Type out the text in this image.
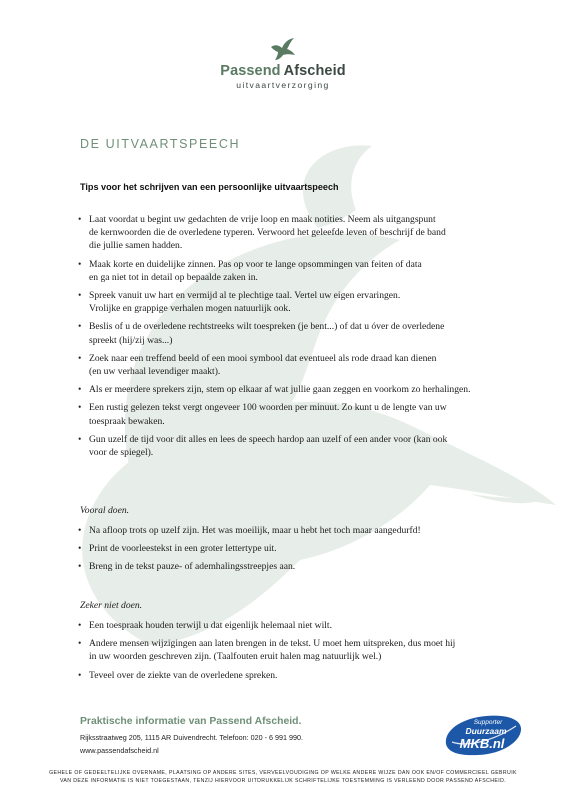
Passend Afscheid
uitvaartverzorging
DE UITVAARTSPEECH
Tips voor het schrijven van een persoonlijke uitvaartspeech
• Laat voordat u begint uw gedachten de vrije loop en maak notities. Neem als uitgangspunt
de kernwoorden die de overledene typeren. Verwoord het geleefde leven of beschrijf de band
die jullie samen hadden.
• Maak korte en duidelijke zinnen. Pas op voor te lange opsommingen van feiten of data
en ga niet tot in detail op bepaalde zaken in.
• Spreek vanuit uw hart en vermijd al te plechtige taal. Vertel uw eigen ervaringen.
Vrolijke en grappige verhalen mogen natuurlijk ook.
• Beslis of u de overledene rechtstreeks wilt toespreken (je bent...) of dat u óver de overledene
spreekt (hij/zij was...)
• Zoek naar een treffend beeld of een mooi symbool dat eventueel als rode draad kan dienen
(en uw verhaal levendiger maakt).
• Als er meerdere sprekers zijn, stem op elkaar af wat jullie gaan zeggen en voorkom zo herhalingen.
• Een rustig gelezen tekst vergt ongeveer 100 woorden per minuut. Zo kunt u de lengte van uw
toespraak bewaken.
• Gun uzelf de tijd voor dit alles en lees de speech hardop aan uzelf of een ander voor (kan ook
voor de spiegel).
Vooral doen.
• Na afloop trots op uzelf zijn. Het was moeilijk, maar u hebt het toch maar aangedurfd!
• Print de voorleestekst in een groter lettertype uit.
• Breng in de tekst pauze- of ademhalingsstreepjes aan.
Zeker niet doen.
• Een toespraak houden terwijl u dat eigenlijk helemaal niet wilt.
• Andere mensen wijzigingen aan laten brengen in de tekst. U moet hem uitspreken, dus moet hij
in uw woorden geschreven zijn. (Taalfouten eruit halen mag natuurlijk wel.)
• Teveel over de ziekte van de overledene spreken.
Praktische informatie van Passend Afscheid.
Rijksstraatweg 205, 1115 AR Duivendrecht. Telefoon: 020 - 6 991 990.
www.passendafscheid.nl
Supporter
Duurzaam
MKB.nl
GEHELE OF GEDEELTELIJKE OVERNAME, PLAATSING OP ANDERE SITES, VERVEELVOUDIGING OP WELKE ANDERE WIJZE DAN OOK EN/OF COMMERCIEEL GEBRUIK
VAN DEZE INFORMATIE IS NIET TOEGESTAAN, TENZIJ HIERVOOR UITDRUKKELIJK SCHRIFTELIJKE TOESTEMMING IS VERLEEND DOOR PASSEND AFSCHEID.
